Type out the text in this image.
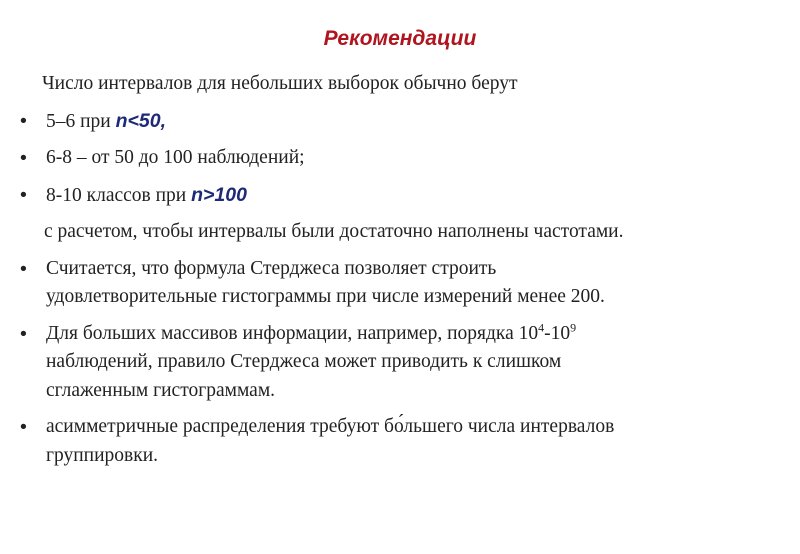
Рекомендации
Число интервалов для небольших выборок обычно берут
• 5–6 при n<50,
• 6-8 – от 50 до 100 наблюдений;
• 8-10 классов при n>100
с расчетом, чтобы интервалы были достаточно наполнены частотами.
• Считается, что формула Стерджеса позволяет строить
удовлетворительные гистограммы при числе измерений менее 200.
• Для больших массивов информации, например, порядка $10^4-10^9$
наблюдений, правило Стерджеса может приводить к слишком
сглаженным гистограммам.
• асимметричные распределения требуют бо́льшего числа интервалов
группировки.
